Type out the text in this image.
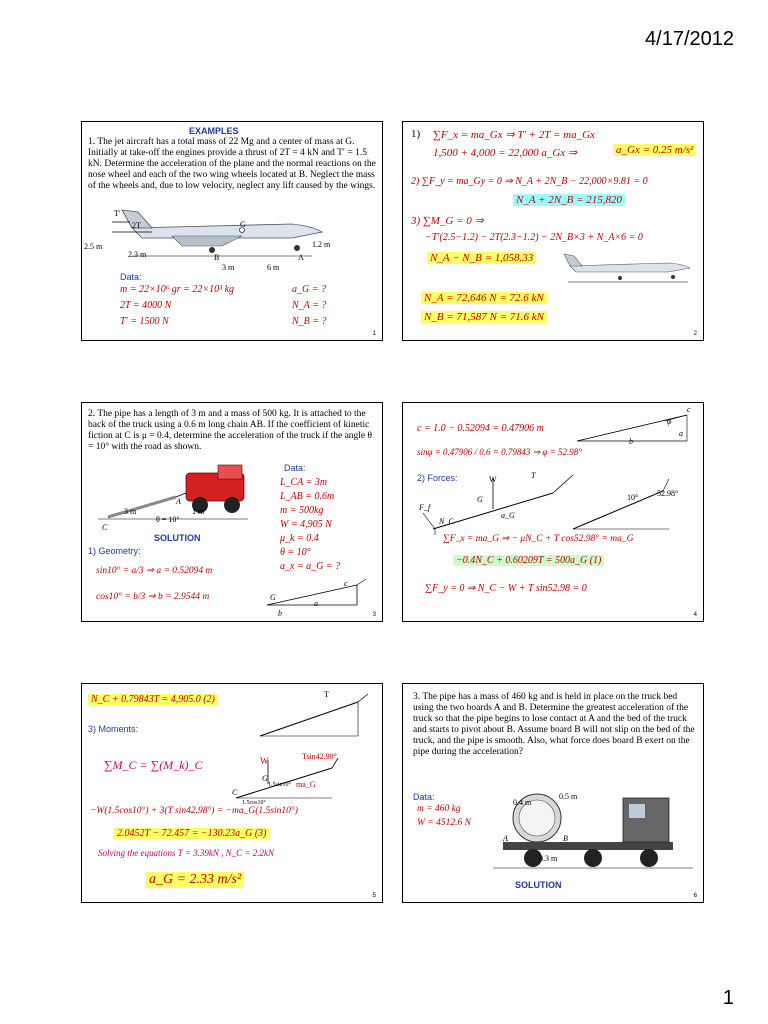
4/17/2012
EXAMPLES
1. The jet aircraft has a total mass of 22 Mg and a center of mass at G. Initially at take-off the engines provide a thrust of 2T = 4 kN and T′ = 1.5 kN. Determine the acceleration of the plane and the normal reactions on the nose wheel and each of the two wing wheels located at B. Neglect the mass of the wheels and, due to low velocity, neglect any lift caused by the wings.
T′
2T	G
2.5 m
2.3 m
1.2 m
B	A
3 m	6 m
Data:
m = 22×10⁶ gr = 22×10³ kg
2T = 4000 N
T′ = 1500 N
a_G = ?
N_A = ?
N_B = ?
1
1) ∑F_x = ma_Gx ⇒ T′ + 2T = ma_Gx
1,500 + 4,000 = 22,000 a_Gx ⇒	a_Gx = 0.25 m/s²
2) ∑F_y = ma_Gy = 0 ⇒ N_A + 2N_B − 22,000×9.81 = 0
N_A + 2N_B = 215,820
3) ∑M_G = 0 ⇒
−T′(2.5−1.2) − 2T(2.3−1.2) − 2N_B×3 + N_A×6 = 0
N_A − N_B = 1,058.33
N_A = 72,646 N = 72.6 kN
N_B = 71,587 N = 71.6 kN
2
2. The pipe has a length of 3 m and a mass of 500 kg. It is attached to the back of the truck using a 0.6 m long chain AB. If the coefficient of kinetic fiction at C is μ = 0.4, determine the acceleration of the truck if the angle θ = 10° with the road as shown.
Data:
L_CA = 3m
L_AB = 0.6m
m = 500kg
W = 4,905 N
μ_k = 0.4
θ = 10°
a_x = a_G = ?
3 m	1 m
θ = 10°
A
C
SOLUTION
1) Geometry:
sin10° = a/3 ⇒ a = 0.52094 m
cos10° = b/3 ⇒ b = 2.9544 m	G
a
b
c
3
c
φ
a
b
c = 1.0 − 0.52094 = 0.47906 m
sinφ = 0.47906 / 0.6 = 0.79843 ⇒ φ = 52.98°
2) Forces:	W	T
G
F_f
N_C
a_G
10° 52.98°
∑F_x = ma_G ⇒ − μN_C + T cos52.98° = ma_G
−0.4N_C + 0.60209T = 500a_G (1)
∑F_y = 0 ⇒ N_C − W + T sin52.98 = 0
4
N_C + 0.79843T = 4,905.0 (2)
3) Moments:
T
∑M_C = ∑(M_k)_C
Tsin42.98°
W
G
C
ma_G
1.5sin10°
1.5cos10°
−W(1.5cos10°) + 3(T sin42.98°) = −ma_G(1.5sin10°)
2.0452T − 72.457 = −130.23a_G (3)
Solving the equations T = 3.39kN , N_C = 2.2kN
a_G = 2.33 m/s²
5
3. The pipe has a mass of 460 kg and is held in place on the truck bed using the two boards A and B. Determine the greatest acceleration of the truck so that the pipe begins to lose contact at A and the bed of the truck and starts to pivot about B. Assume board B will not slip on the bed of the truck, and the pipe is smooth. Also, what force does board B exert on the pipe during the acceleration?
Data:
m = 460 kg
W = 4512.6 N
0.5 m
0.4 m
0.3 m
A	B
SOLUTION
6
1
